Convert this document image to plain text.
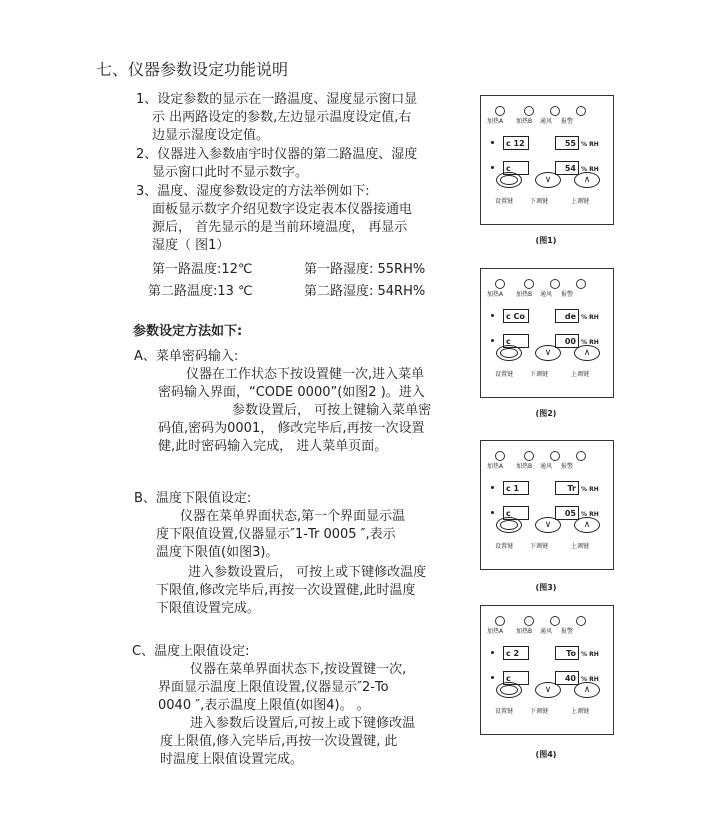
七、仪器参数设定功能说明
1、设定参数的显示在一路温度、湿度显示窗口显
示 出两路设定的参数,左边显示温度设定值,右
边显示湿度设定值。
2、仪器进入参数庙宇时仪器的第二路温度、湿度
显示窗口此时不显示数字。
3、温度、湿度参数设定的方法举例如下:
面板显示数字介绍见数字设定表本仪器接通电
源后， 首先显示的是当前环境温度， 再显示
湿度（ 图1）
第一路温度:12℃	第一路湿度: 55RH%
第二路温度:13 ℃	第二路湿度: 54RH%
参数设定方法如下:
A、菜单密码输入:
仪器在工作状态下按设置健一次,进入菜单
密码输入界面，“CODE 0000”(如图2 )。进入
参数设置后， 可按上键输入菜单密
码值,密码为0001， 修改完毕后,再按一次设置
健,此时密码输入完成， 进人菜单页面。
B、温度下限值设定:
仪器在菜单界面状态,第一个界面显示温
度下限值设置,仪器显示″1-Tr 0005 ″,表示
温度下限值(如图3)。
进入参数设置后， 可按上或下键修改温度
下限值,修改完毕后,再按一次设置健,此时温度
下限值设置完成。
C、温度上限值设定:
仪器在菜单界面状态下,按设置键一次,
界面显示温度上限值设置,仪器显示″2-To
0040 ″,表示温度上限值(如图4)。 。
进入参数后设置后,可按上或下键修改温
度上限值,修入完毕后,再按一次设置键, 此
时温度上限值设置完成。
加热A 加热B 通风 报警
c 12
c
55
54
% RH
% RH
∨	∧
设置键	下调键	上调键
(图1)
加热A 加热B 通风 报警
c Co
c
de
00
% RH
% RH
∨	∧
设置键	下调键	上调键
(图2)
加热A 加热B 通风 报警
c 1
c
Tr
05
% RH
% RH
∨	∧
设置键	下调键	上调键
(图3)
加热A 加热B 通风 报警
c 2
c
To
40
% RH
% RH
∨	∧
设置键	下调键	上调键
(图4)
